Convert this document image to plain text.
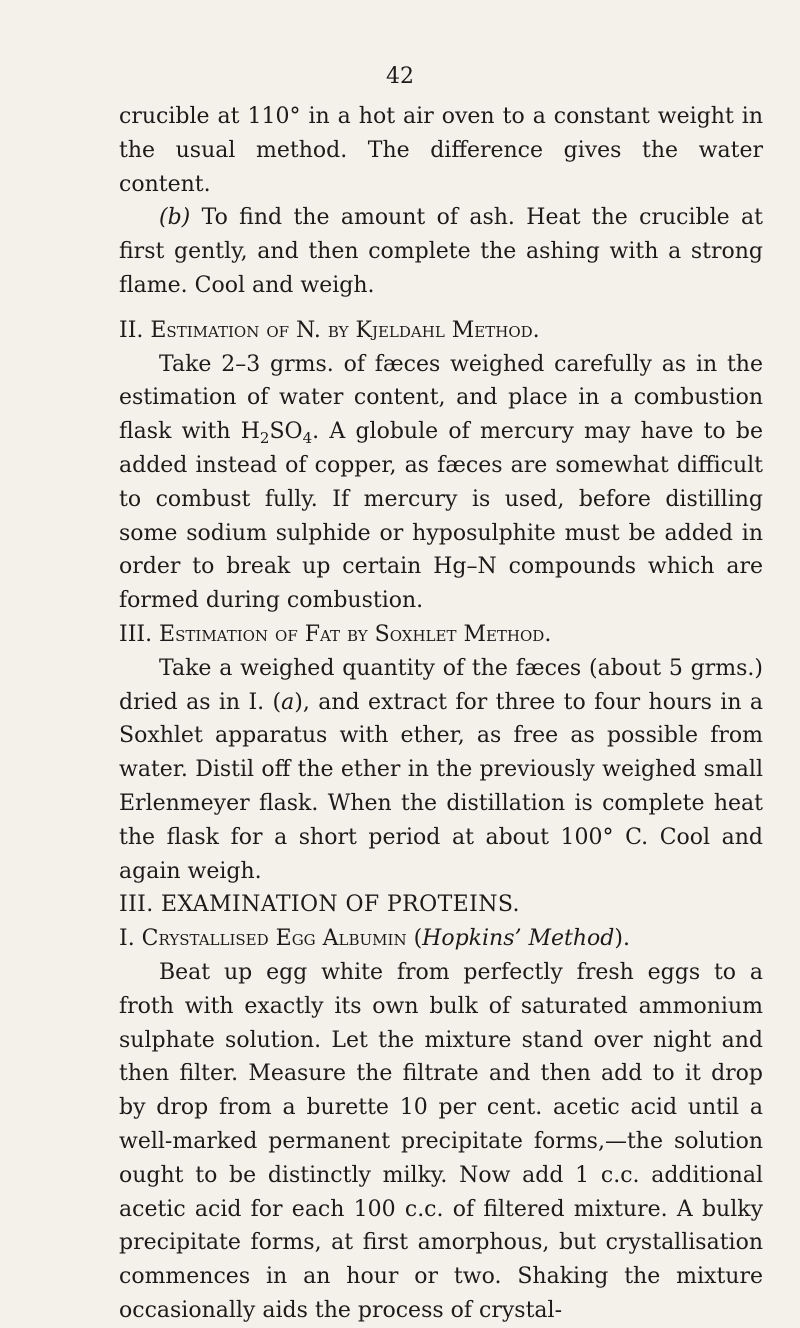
42

crucible at 110° in a hot air oven to a constant weight in the usual method. The difference gives the water content.

(b) To find the amount of ash. Heat the crucible at first gently, and then complete the ashing with a strong flame. Cool and weigh.

II. Estimation of N. by Kjeldahl Method.

Take 2–3 grms. of fæces weighed carefully as in the estimation of water content, and place in a combustion flask with $H_2SO_4$. A globule of mercury may have to be added instead of copper, as fæces are somewhat difficult to combust fully. If mercury is used, before distilling some sodium sulphide or hyposulphite must be added in order to break up certain Hg–N compounds which are formed during combustion.

III. Estimation of Fat by Soxhlet Method.

Take a weighed quantity of the fæces (about 5 grms.) dried as in I. (a), and extract for three to four hours in a Soxhlet apparatus with ether, as free as possible from water. Distil off the ether in the previously weighed small Erlenmeyer flask. When the distillation is complete heat the flask for a short period at about 100° C. Cool and again weigh.

III. EXAMINATION OF PROTEINS.

I. Crystallised Egg Albumin (Hopkins’ Method).

Beat up egg white from perfectly fresh eggs to a froth with exactly its own bulk of saturated ammonium sulphate solution. Let the mixture stand over night and then filter. Measure the filtrate and then add to it drop by drop from a burette 10 per cent. acetic acid until a well-marked permanent precipitate forms,—the solution ought to be distinctly milky. Now add 1 c.c. additional acetic acid for each 100 c.c. of filtered mixture. A bulky precipitate forms, at first amorphous, but crystallisation commences in an hour or two. Shaking the mixture occasionally aids the process of crystal-
